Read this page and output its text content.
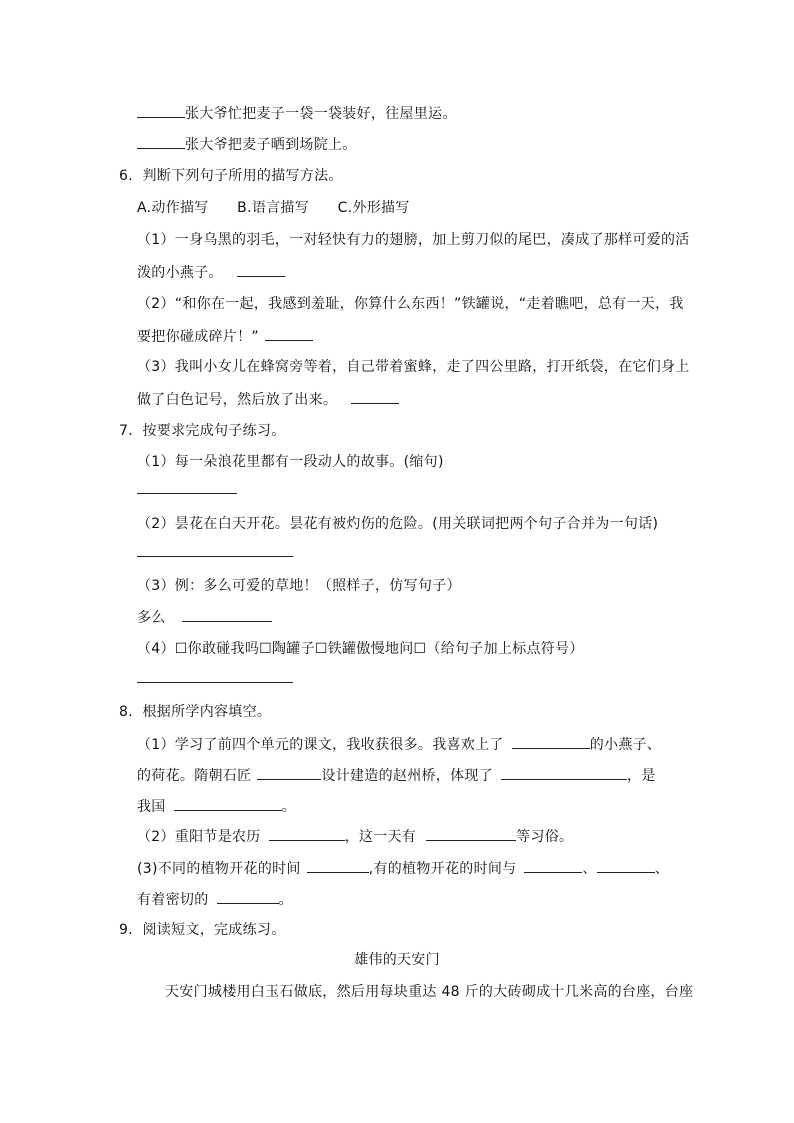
张大爷忙把麦子一袋一袋装好，往屋里运。
张大爷把麦子晒到场院上。
6．判断下列句子所用的描写方法。
A.动作描写　　B.语言描写　　C.外形描写
（1）一身乌黑的羽毛，一对轻快有力的翅膀，加上剪刀似的尾巴，凑成了那样可爱的活
泼的小燕子。
（2）“和你在一起，我感到羞耻，你算什么东西！”铁罐说，“走着瞧吧，总有一天，我
要把你碰成碎片！”
（3）我叫小女儿在蜂窝旁等着，自己带着蜜蜂，走了四公里路，打开纸袋，在它们身上
做了白色记号，然后放了出来。
7．按要求完成句子练习。
（1）每一朵浪花里都有一段动人的故事。(缩句)
（2）昙花在白天开花。昙花有被灼伤的危险。(用关联词把两个句子合并为一句话)
（3）例：多么可爱的草地！（照样子，仿写句子）
多么
（4）☐你敢碰我吗☐陶罐子☐铁罐傲慢地问☐（给句子加上标点符号）
8．根据所学内容填空。
（1）学习了前四个单元的课文，我收获很多。我喜欢上了	的小燕子、
的荷花。隋朝石匠	设计建造的赵州桥，体现了	，是
我国	。
（2）重阳节是农历	，这一天有	等习俗。
(3)不同的植物开花的时间	,有的植物开花的时间与	、	、
有着密切的	。
9．阅读短文，完成练习。
雄伟的天安门
天安门城楼用白玉石做底，然后用每块重达 48 斤的大砖砌成十几米高的台座，台座
